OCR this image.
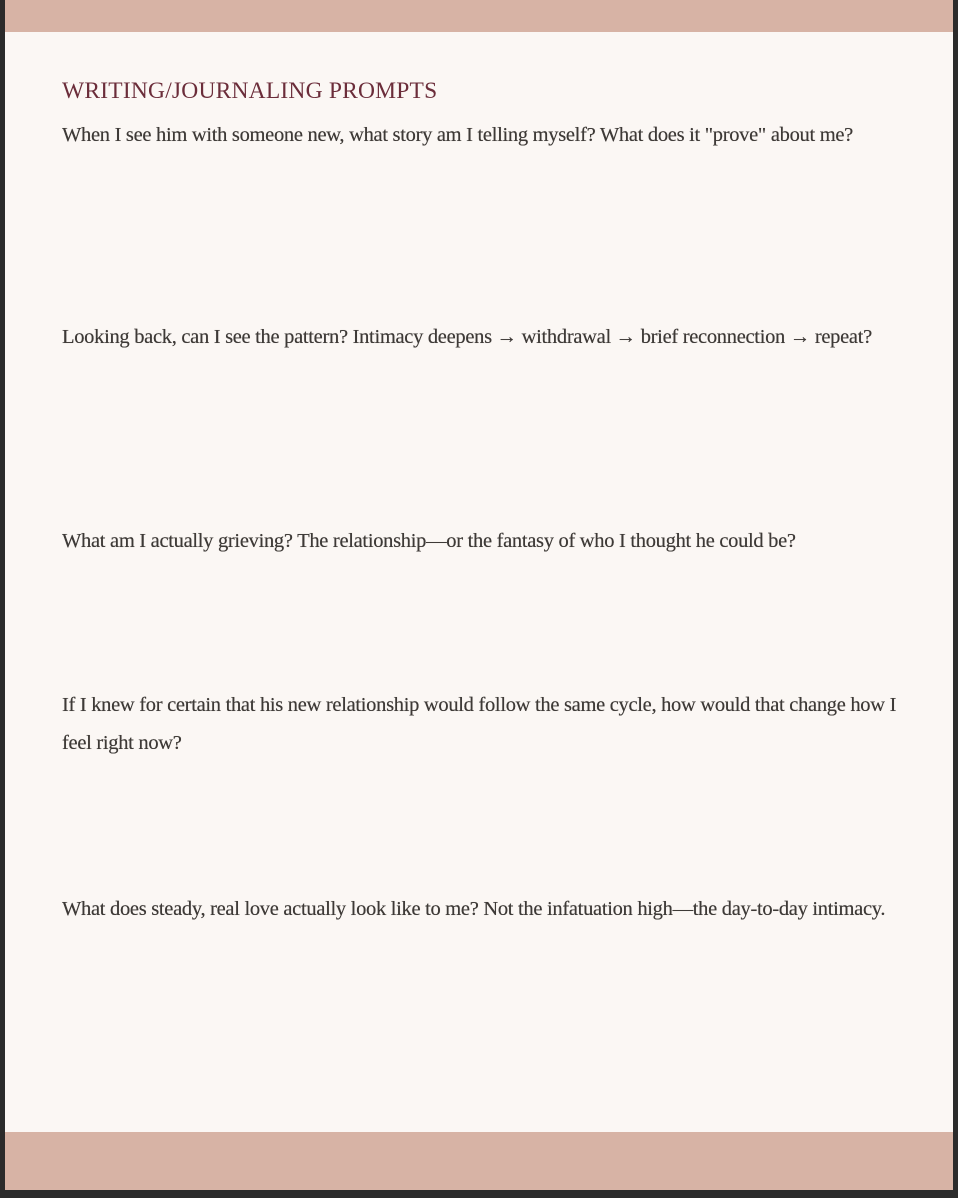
WRITING/JOURNALING PROMPTS

When I see him with someone new, what story am I telling myself? What does it "prove" about me?

Looking back, can I see the pattern? Intimacy deepens → withdrawal → brief reconnection → repeat?

What am I actually grieving? The relationship—or the fantasy of who I thought he could be?

If I knew for certain that his new relationship would follow the same cycle, how would that change how I feel right now?

What does steady, real love actually look like to me? Not the infatuation high—the day-to-day intimacy.
